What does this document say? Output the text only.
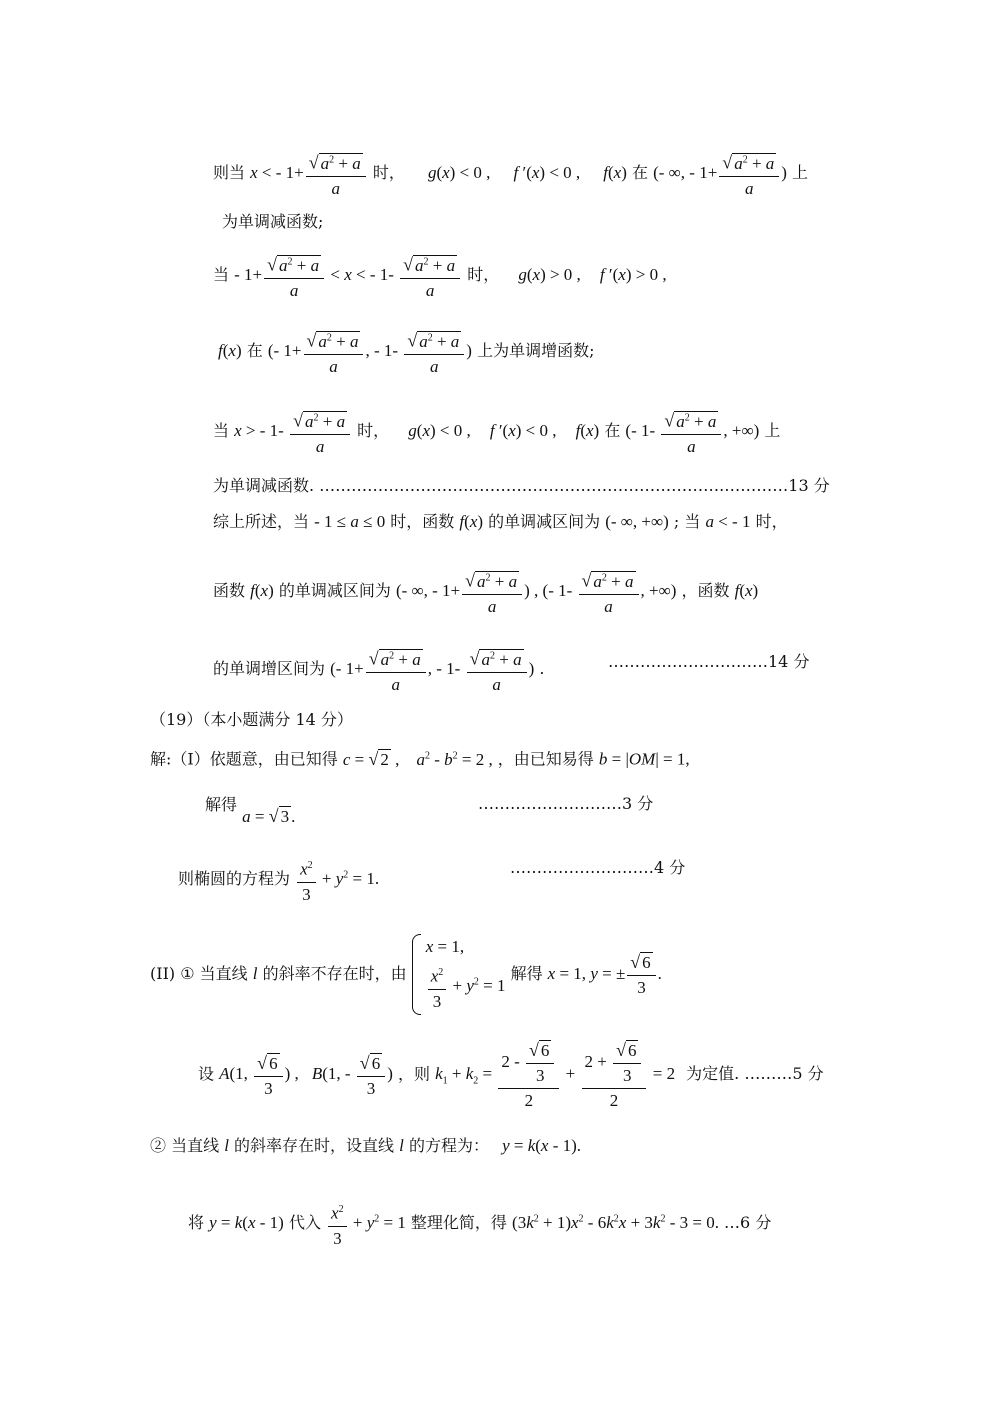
则当 x < - $1+ \frac{√ a^2 + a}{a}$ 时， g(x) < 0 , f ′(x) < 0 , f(x) 在 (- ∞, - $1+ \frac{√ a^2 + a}{a}$ ) 上
为单调减函数;
当 - $1+ \frac{√ a^2 + a}{a} < x$ < - $1- \frac{√ a^2 + a}{a}$ 时， g(x) > 0 , f ′(x) > 0 ,
f(x) 在 (- $1+ \frac{√ a^2 + a}{a}$ , - $1- \frac{√ a^2 + a}{a}$ ) 上为单调增函数;
当 x > - $1- \frac{√ a^2 + a}{a}$ 时， g(x) < 0 , f ′(x) < 0 , f(x) 在 (- $1- \frac{√ a^2 + a}{a}$ , +∞) 上
为单调减函数. ………………………………………………………………….…………13 分
综上所述，当 - 1 ≤ a ≤ 0 时，函数 f(x) 的单调减区间为 (- ∞, +∞) ; 当 a < - 1 时，
函数 f(x) 的单调减区间为 (- ∞, - $1+ \frac{√ a^2 + a}{a}$ ) , (- $1- \frac{√ a^2 + a}{a}$ , +∞) ，函数 f(x)
的单调增区间为 (- $1+ \frac{√ a^2 + a}{a}$ , - $1- \frac{√ a^2 + a}{a}$ ) .	…………………………14 分
（19）（本小题满分 14 分）
解:（Ⅰ）依题意，由已知得 c = √ 2 , $a^2 - b^2 = 2$ , ，由已知易得 b = |OM| = 1,
解得 a = √ 3 .
………………………3 分
则椭圆的方程为 $\frac{x^2}{3} + y^2 = 1$.
………………………4 分
(II) ① 当直线 l 的斜率不存在时，由
x = 1,
$\frac{x^2}{3} + y^2 = 1$
解得 x = 1, y = ± $\frac{√ 6}{3}$ .
设 A(1, $\frac{√ 6}{3}$ ) , B(1, - $\frac{√ 6}{3}$ ) ，则 $k_1 + k_2 = \frac{2 - \frac{√ 6}{3}}{2} + \frac{2 + \frac{√ 6}{3}}{2} = 2$ 为定值. ………5 分
② 当直线 l 的斜率存在时，设直线 l 的方程为： y = k(x - 1).
将 y = k(x - 1) 代入 $\frac{x^2}{3} + y^2 = 1$ 整理化简，得 $(3k^2 + 1)x^2 - 6k^2x + 3k^2 - 3 = 0$. …6 分
